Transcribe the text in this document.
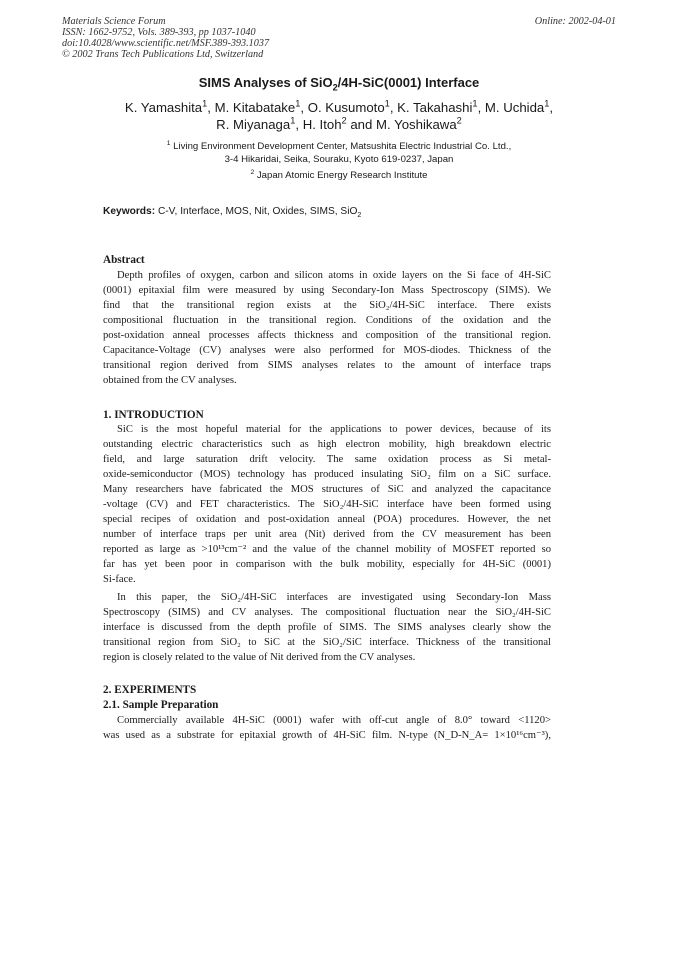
Materials Science Forum
ISSN: 1662-9752, Vols. 389-393, pp 1037-1040
doi:10.4028/www.scientific.net/MSF.389-393.1037
© 2002 Trans Tech Publications Ltd, Switzerland
Online: 2002-04-01
SIMS Analyses of SiO$_2$/4H-SiC(0001) Interface
K. Yamashita$^1$, M. Kitabatake$^1$, O. Kusumoto$^1$, K. Takahashi$^1$, M. Uchida$^1$,
R. Miyanaga$^1$, H. Itoh$^2$ and M. Yoshikawa$^2$
$^1$ Living Environment Development Center, Matsushita Electric Industrial Co. Ltd.,
3-4 Hikaridai, Seika, Souraku, Kyoto 619-0237, Japan
$^2$ Japan Atomic Energy Research Institute
Keywords: C-V, Interface, MOS, Nit, Oxides, SIMS, SiO$_2$
Abstract
Depth profiles of oxygen, carbon and silicon atoms in oxide layers on the Si face of 4H-SiC
(0001) epitaxial film were measured by using Secondary-Ion Mass Spectroscopy (SIMS). We
find that the transitional region exists at the SiO₂/4H-SiC interface. There exists
compositional fluctuation in the transitional region. Conditions of the oxidation and the
post-oxidation anneal processes affects thickness and composition of the transitional region.
Capacitance-Voltage (CV) analyses were also performed for MOS-diodes. Thickness of the
transitional region derived from SIMS analyses relates to the amount of interface traps
obtained from the CV analyses.
1. INTRODUCTION
SiC is the most hopeful material for the applications to power devices, because of its
outstanding electric characteristics such as high electron mobility, high breakdown electric
field, and large saturation drift velocity. The same oxidation process as Si metal-
oxide-semiconductor (MOS) technology has produced insulating SiO₂ film on a SiC surface.
Many researchers have fabricated the MOS structures of SiC and analyzed the capacitance
-voltage (CV) and FET characteristics. The SiO₂/4H-SiC interface have been formed using
special recipes of oxidation and post-oxidation anneal (POA) procedures. However, the net
number of interface traps per unit area (Nit) derived from the CV measurement has been
reported as large as >10¹³cm⁻² and the value of the channel mobility of MOSFET reported so
far has yet been poor in comparison with the bulk mobility, especially for 4H-SiC (0001)
Si-face.
In this paper, the SiO₂/4H-SiC interfaces are investigated using Secondary-Ion Mass
Spectroscopy (SIMS) and CV analyses. The compositional fluctuation near the SiO₂/4H-SiC
interface is discussed from the depth profile of SIMS. The SIMS analyses clearly show the
transitional region from SiO₂ to SiC at the SiO₂/SiC interface. Thickness of the transitional
region is closely related to the value of Nit derived from the CV analyses.
2. EXPERIMENTS
2.1. Sample Preparation
Commercially available 4H-SiC (0001) wafer with off-cut angle of 8.0° toward <1120>
was used as a substrate for epitaxial growth of 4H-SiC film. N-type (N_D-N_A= 1×10¹⁶cm⁻³),
